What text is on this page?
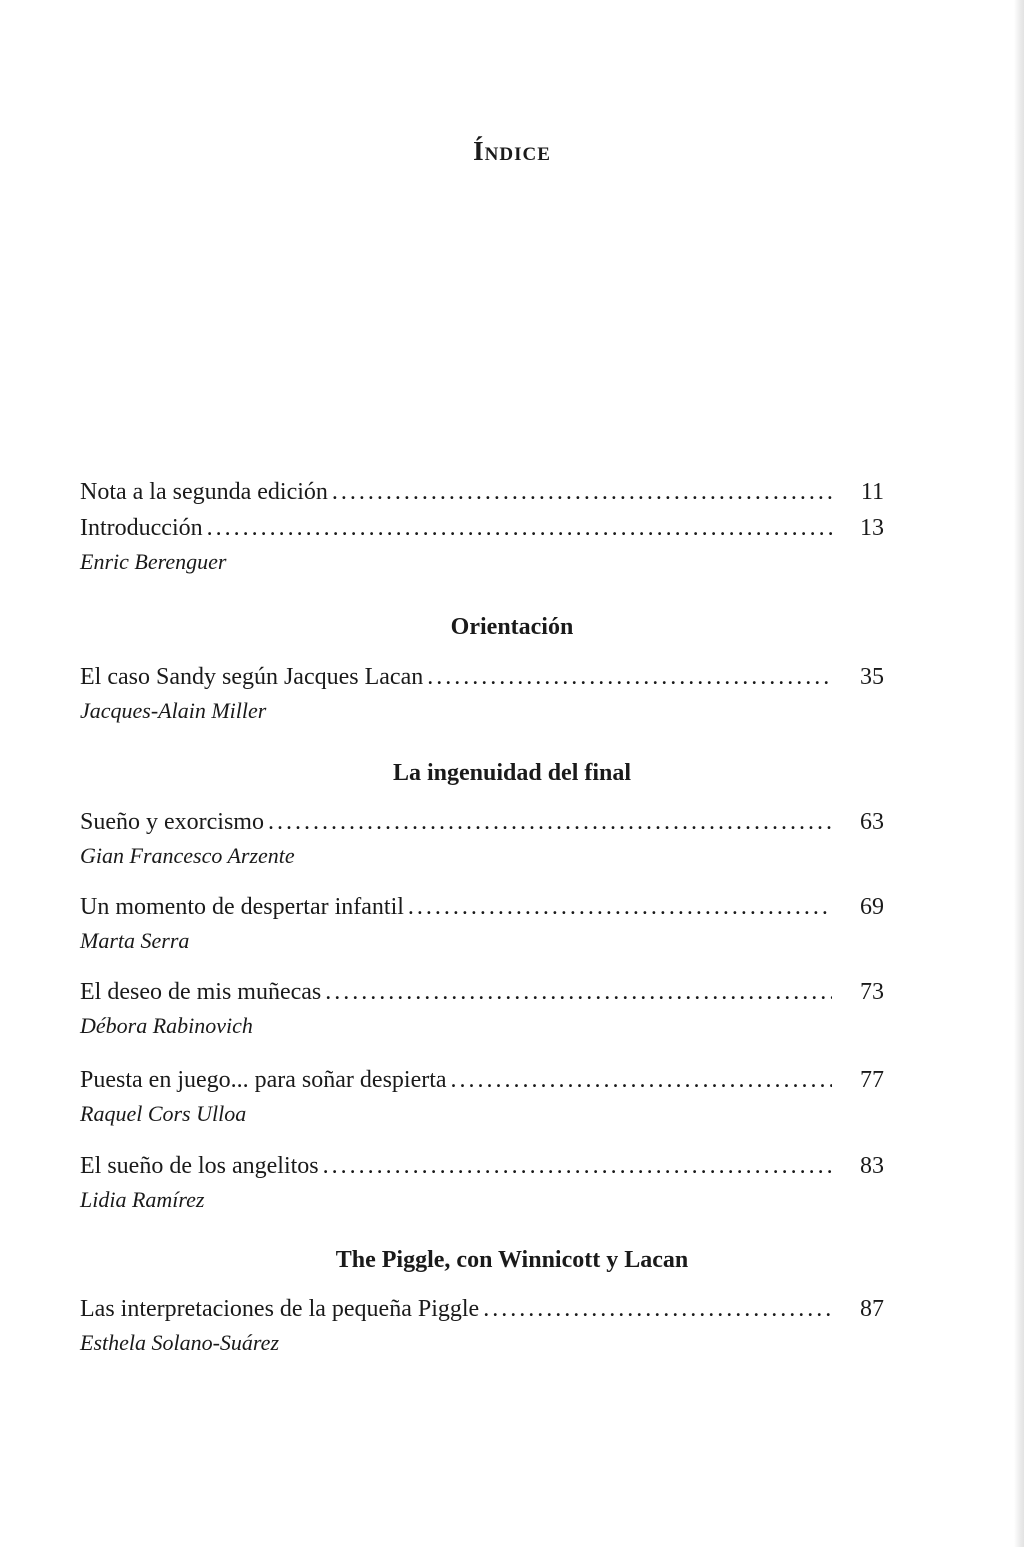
Índice
Nota a la segunda edición .....	11
Introducción .....	13
Enric Berenguer
Orientación
El caso Sandy según Jacques Lacan .....	35
Jacques-Alain Miller
La ingenuidad del final
Sueño y exorcismo .....	63
Gian Francesco Arzente
Un momento de despertar infantil .....	69
Marta Serra
El deseo de mis muñecas .....	73
Débora Rabinovich
Puesta en juego... para soñar despierta .....	77
Raquel Cors Ulloa
El sueño de los angelitos .....	83
Lidia Ramírez
The Piggle, con Winnicott y Lacan
Las interpretaciones de la pequeña Piggle .....	87
Esthela Solano-Suárez
